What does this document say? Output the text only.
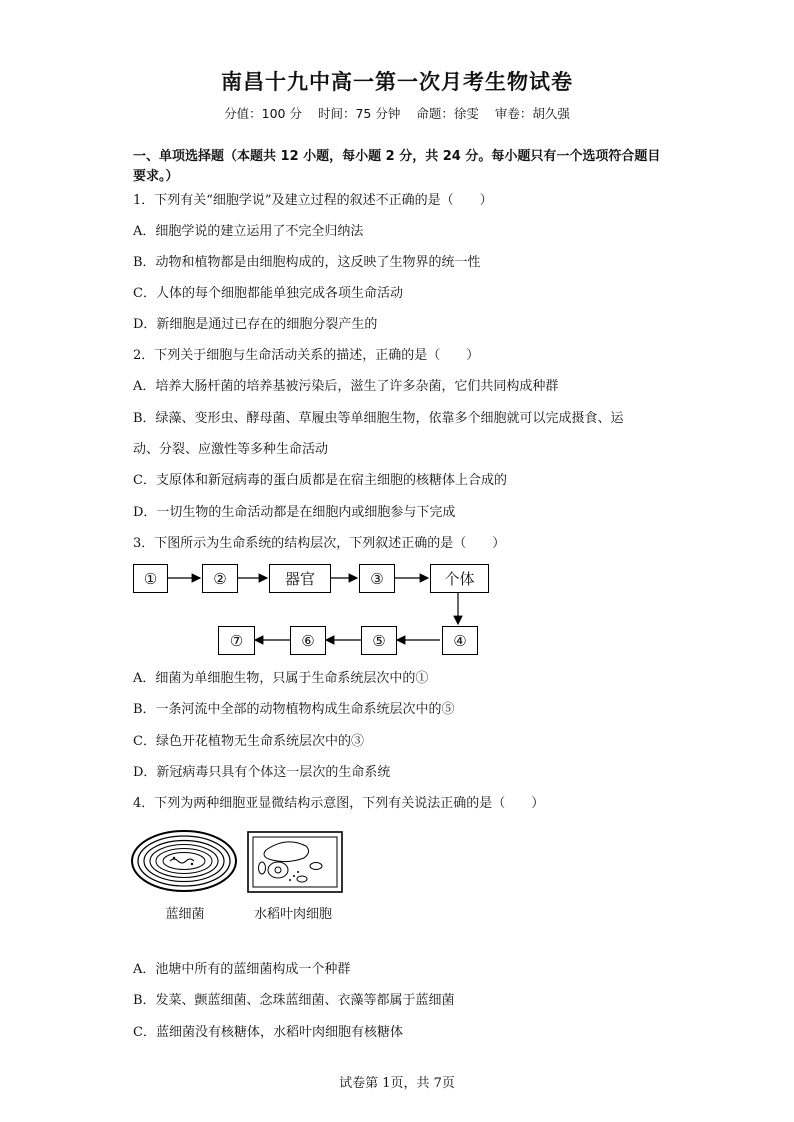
南昌十九中高一第一次月考生物试卷
分值：100 分 时间：75 分钟 命题：徐雯 审卷：胡久强
一、单项选择题（本题共 12 小题，每小题 2 分，共 24 分。每小题只有一个选项符合题目要求。）
1．下列有关“细胞学说”及建立过程的叙述不正确的是（　　）
A．细胞学说的建立运用了不完全归纳法
B．动物和植物都是由细胞构成的，这反映了生物界的统一性
C．人体的每个细胞都能单独完成各项生命活动
D．新细胞是通过已存在的细胞分裂产生的
2．下列关于细胞与生命活动关系的描述，正确的是（　　）
A．培养大肠杆菌的培养基被污染后，滋生了许多杂菌，它们共同构成种群
B．绿藻、变形虫、酵母菌、草履虫等单细胞生物，依靠多个细胞就可以完成摄食、运
动、分裂、应激性等多种生命活动
C．支原体和新冠病毒的蛋白质都是在宿主细胞的核糖体上合成的
D．一切生物的生命活动都是在细胞内或细胞参与下完成
3．下图所示为生命系统的结构层次，下列叙述正确的是（　　）
①	②	器官	③	个体
⑦	⑥	⑤	④
A．细菌为单细胞生物，只属于生命系统层次中的①
B．一条河流中全部的动物植物构成生命系统层次中的⑤
C．绿色开花植物无生命系统层次中的③
D．新冠病毒只具有个体这一层次的生命系统
4．下列为两种细胞亚显微结构示意图，下列有关说法正确的是（　　）
蓝细菌	水稻叶肉细胞
A．池塘中所有的蓝细菌构成一个种群
B．发菜、颤蓝细菌、念珠蓝细菌、衣藻等都属于蓝细菌
C．蓝细菌没有核糖体，水稻叶肉细胞有核糖体
试卷第 1页，共 7页
